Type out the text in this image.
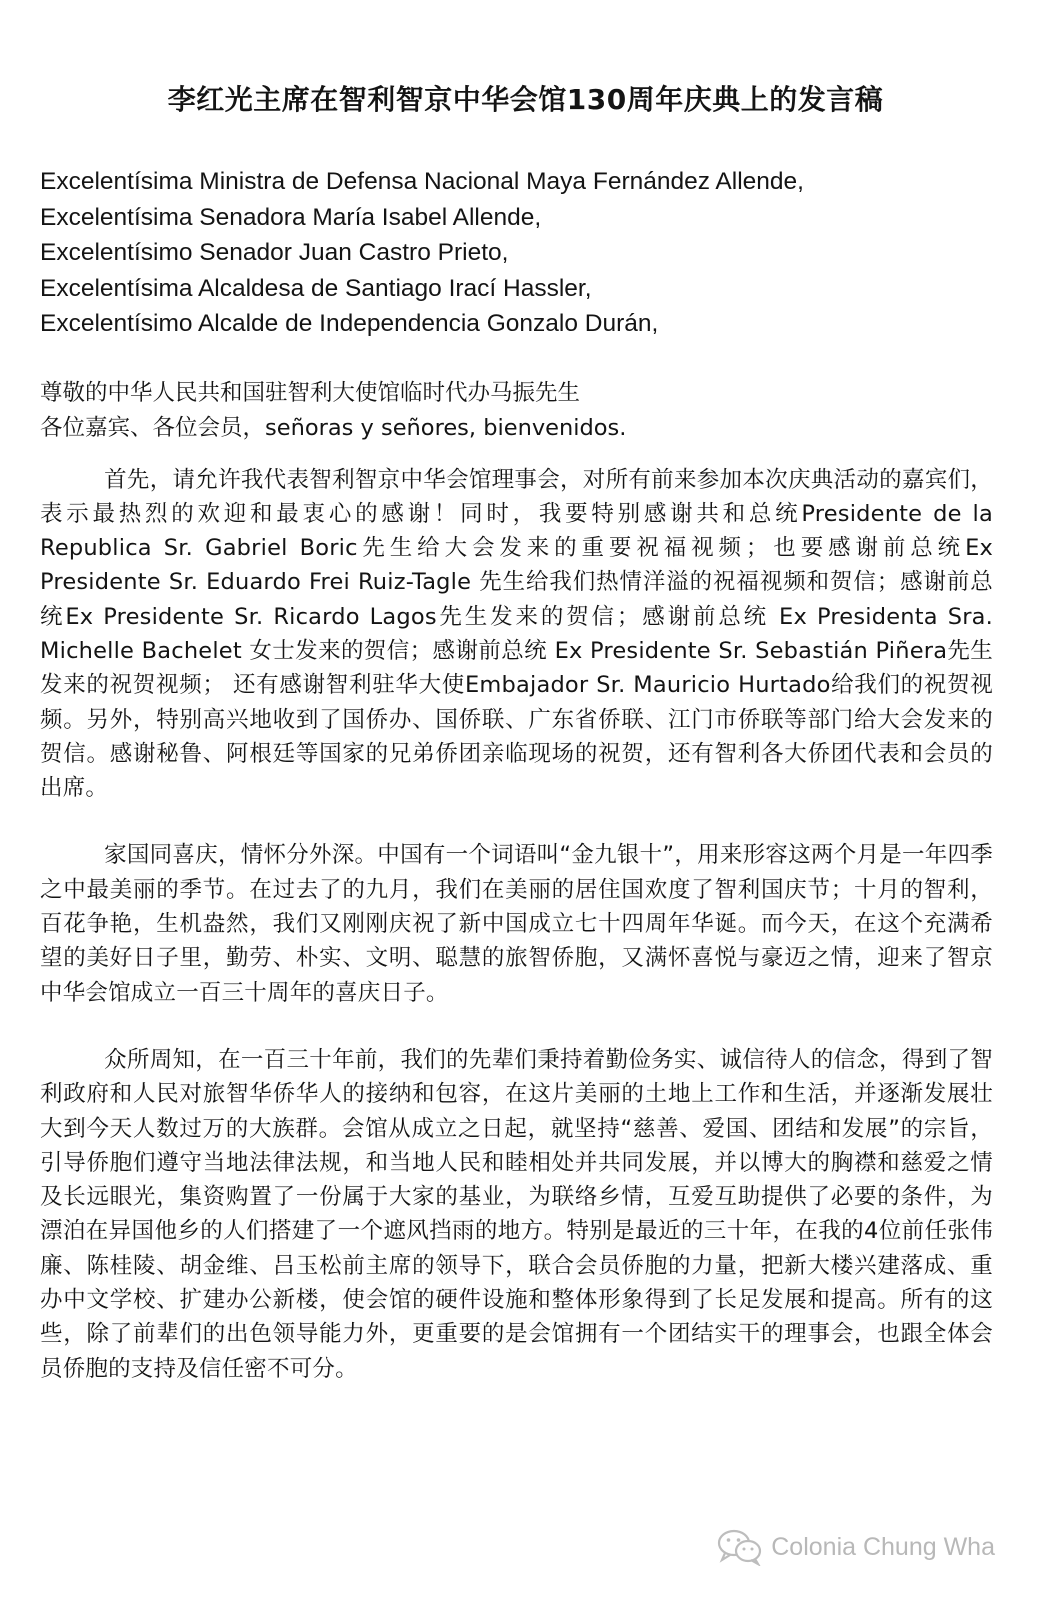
李红光主席在智利智京中华会馆130周年庆典上的发言稿
Excelentísima Ministra de Defensa Nacional Maya Fernández Allende,
Excelentísima Senadora María Isabel Allende,
Excelentísimo Senador Juan Castro Prieto,
Excelentísima Alcaldesa de Santiago Irací Hassler,
Excelentísimo Alcalde de Independencia Gonzalo Durán,
尊敬的中华人民共和国驻智利大使馆临时代办马振先生
各位嘉宾、各位会员，señoras y señores, bienvenidos.

首先，请允许我代表智利智京中华会馆理事会，对所有前来参加本次庆典活动的嘉宾们，表示最热烈的欢迎和最衷心的感谢！同时，我要特别感谢共和总统Presidente de la Republica Sr. Gabriel Boric先生给大会发来的重要祝福视频；也要感谢前总统Ex Presidente Sr. Eduardo Frei Ruiz-Tagle 先生给我们热情洋溢的祝福视频和贺信；感谢前总统Ex Presidente Sr. Ricardo Lagos先生发来的贺信；感谢前总统 Ex Presidenta Sra. Michelle Bachelet 女士发来的贺信；感谢前总统 Ex Presidente Sr. Sebastián Piñera先生发来的祝贺视频； 还有感谢智利驻华大使Embajador Sr. Mauricio Hurtado给我们的祝贺视频。另外，特别高兴地收到了国侨办、国侨联、广东省侨联、江门市侨联等部门给大会发来的贺信。感谢秘鲁、阿根廷等国家的兄弟侨团亲临现场的祝贺，还有智利各大侨团代表和会员的出席。

家国同喜庆，情怀分外深。中国有一个词语叫“金九银十”，用来形容这两个月是一年四季之中最美丽的季节。在过去了的九月，我们在美丽的居住国欢度了智利国庆节；十月的智利，百花争艳，生机盎然，我们又刚刚庆祝了新中国成立七十四周年华诞。而今天，在这个充满希望的美好日子里，勤劳、朴实、文明、聪慧的旅智侨胞，又满怀喜悦与豪迈之情，迎来了智京中华会馆成立一百三十周年的喜庆日子。

众所周知，在一百三十年前，我们的先辈们秉持着勤俭务实、诚信待人的信念，得到了智利政府和人民对旅智华侨华人的接纳和包容，在这片美丽的土地上工作和生活，并逐渐发展壮大到今天人数过万的大族群。会馆从成立之日起，就坚持“慈善、爱国、团结和发展”的宗旨，引导侨胞们遵守当地法律法规，和当地人民和睦相处并共同发展，并以博大的胸襟和慈爱之情及长远眼光，集资购置了一份属于大家的基业，为联络乡情，互爱互助提供了必要的条件，为漂泊在异国他乡的人们搭建了一个遮风挡雨的地方。特别是最近的三十年，在我的4位前任张伟廉、陈桂陵、胡金维、吕玉松前主席的领导下，联合会员侨胞的力量，把新大楼兴建落成、重办中文学校、扩建办公新楼，使会馆的硬件设施和整体形象得到了长足发展和提高。所有的这些，除了前辈们的出色领导能力外，更重要的是会馆拥有一个团结实干的理事会，也跟全体会员侨胞的支持及信任密不可分。

Colonia Chung Wha
